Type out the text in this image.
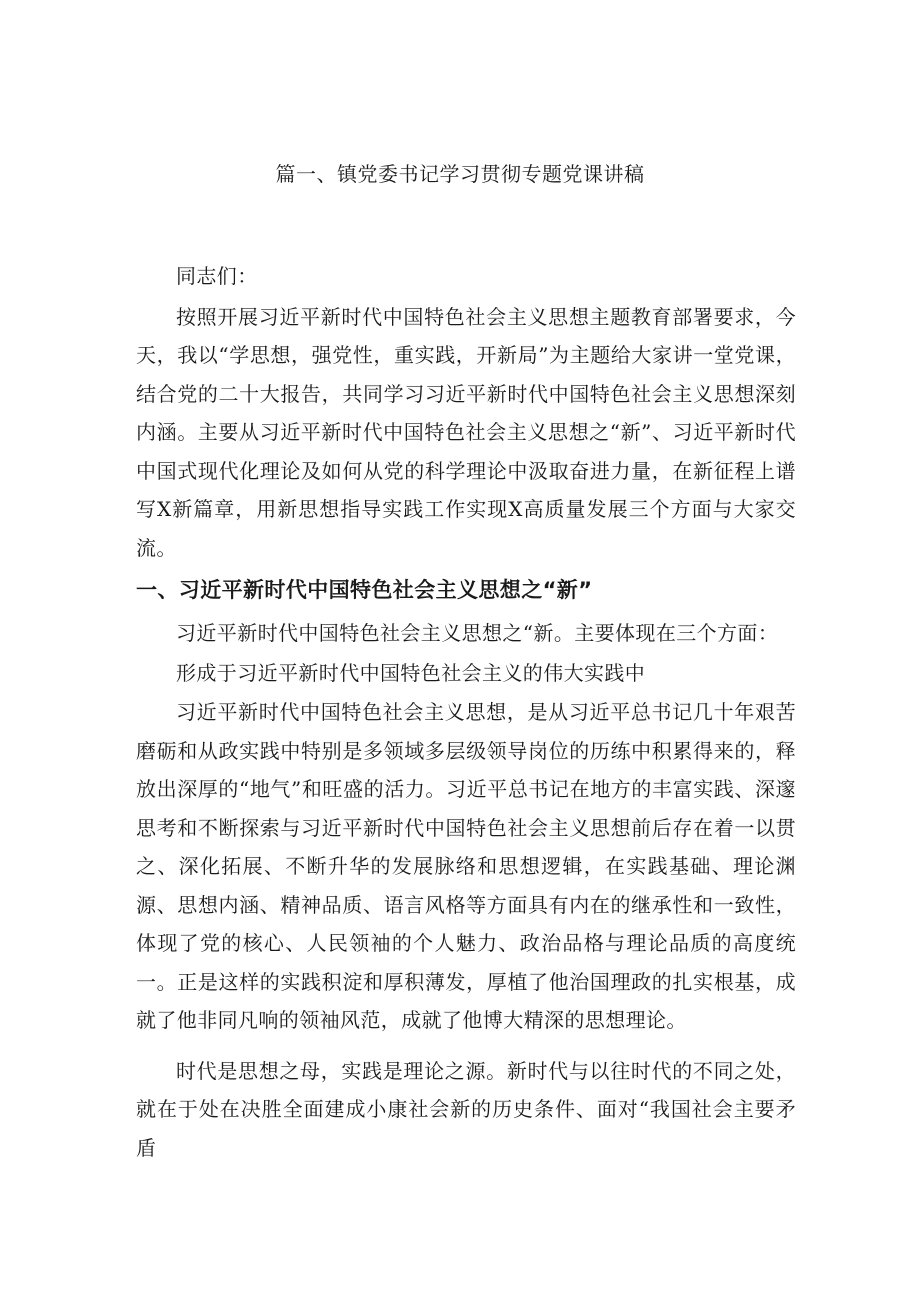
篇一、镇党委书记学习贯彻专题党课讲稿

同志们：

按照开展习近平新时代中国特色社会主义思想主题教育部署要求，今天，我以“学思想，强党性，重实践，开新局”为主题给大家讲一堂党课，结合党的二十大报告，共同学习习近平新时代中国特色社会主义思想深刻内涵。主要从习近平新时代中国特色社会主义思想之“新”、习近平新时代中国式现代化理论及如何从党的科学理论中汲取奋进力量，在新征程上谱写X新篇章，用新思想指导实践工作实现X高质量发展三个方面与大家交流。

一、习近平新时代中国特色社会主义思想之“新”

习近平新时代中国特色社会主义思想之“新。主要体现在三个方面：

形成于习近平新时代中国特色社会主义的伟大实践中

习近平新时代中国特色社会主义思想，是从习近平总书记几十年艰苦磨砺和从政实践中特别是多领域多层级领导岗位的历练中积累得来的，释放出深厚的“地气”和旺盛的活力。习近平总书记在地方的丰富实践、深邃思考和不断探索与习近平新时代中国特色社会主义思想前后存在着一以贯之、深化拓展、不断升华的发展脉络和思想逻辑，在实践基础、理论渊源、思想内涵、精神品质、语言风格等方面具有内在的继承性和一致性，体现了党的核心、人民领袖的个人魅力、政治品格与理论品质的高度统一。正是这样的实践积淀和厚积薄发，厚植了他治国理政的扎实根基，成就了他非同凡响的领袖风范，成就了他博大精深的思想理论。

时代是思想之母，实践是理论之源。新时代与以往时代的不同之处，就在于处在决胜全面建成小康社会新的历史条件、面对“我国社会主要矛盾
